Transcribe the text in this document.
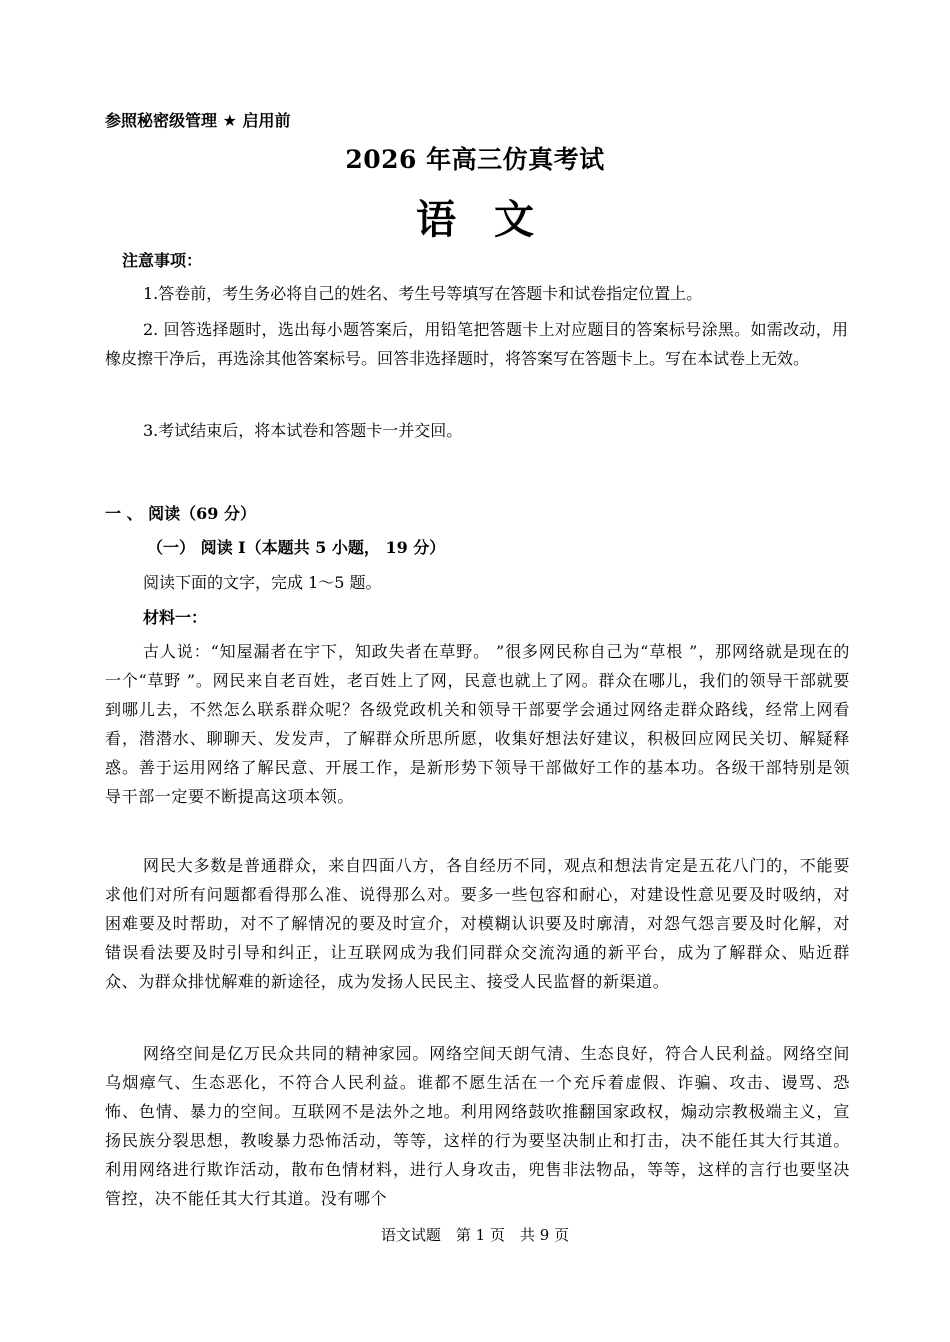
参照秘密级管理 ★ 启用前
2026 年高三仿真考试
语 文
注意事项：
1.答卷前，考生务必将自己的姓名、考生号等填写在答题卡和试卷指定位置上。
2. 回答选择题时，选出每小题答案后，用铅笔把答题卡上对应题目的答案标号涂黑。如需改动，用橡皮擦干净后，再选涂其他答案标号。回答非选择题时，将答案写在答题卡上。写在本试卷上无效。
3.考试结束后，将本试卷和答题卡一并交回。
一 、 阅读（69 分）
（一） 阅读 Ⅰ（本题共 5 小题， 19 分）
阅读下面的文字，完成 1～5 题。
材料一：
古人说：“知屋漏者在宇下，知政失者在草野。 ”很多网民称自己为“草根 ”，那网络就是现在的一个“草野 ”。网民来自老百姓，老百姓上了网，民意也就上了网。群众在哪儿，我们的领导干部就要到哪儿去，不然怎么联系群众呢？各级党政机关和领导干部要学会通过网络走群众路线，经常上网看看，潜潜水、聊聊天、发发声，了解群众所思所愿，收集好想法好建议，积极回应网民关切、解疑释惑。善于运用网络了解民意、开展工作，是新形势下领导干部做好工作的基本功。各级干部特别是领导干部一定要不断提高这项本领。
网民大多数是普通群众，来自四面八方，各自经历不同，观点和想法肯定是五花八门的，不能要求他们对所有问题都看得那么准、说得那么对。要多一些包容和耐心，对建设性意见要及时吸纳，对困难要及时帮助，对不了解情况的要及时宣介，对模糊认识要及时廓清，对怨气怨言要及时化解，对错误看法要及时引导和纠正，让互联网成为我们同群众交流沟通的新平台，成为了解群众、贴近群众、为群众排忧解难的新途径，成为发扬人民民主、接受人民监督的新渠道。
网络空间是亿万民众共同的精神家园。网络空间天朗气清、生态良好，符合人民利益。网络空间乌烟瘴气、生态恶化，不符合人民利益。谁都不愿生活在一个充斥着虚假、诈骗、攻击、谩骂、恐怖、色情、暴力的空间。互联网不是法外之地。利用网络鼓吹推翻国家政权，煽动宗教极端主义，宣扬民族分裂思想，教唆暴力恐怖活动，等等，这样的行为要坚决制止和打击，决不能任其大行其道。利用网络进行欺诈活动，散布色情材料，进行人身攻击，兜售非法物品，等等，这样的言行也要坚决管控，决不能任其大行其道。没有哪个
语文试题　第 1 页　共 9 页
